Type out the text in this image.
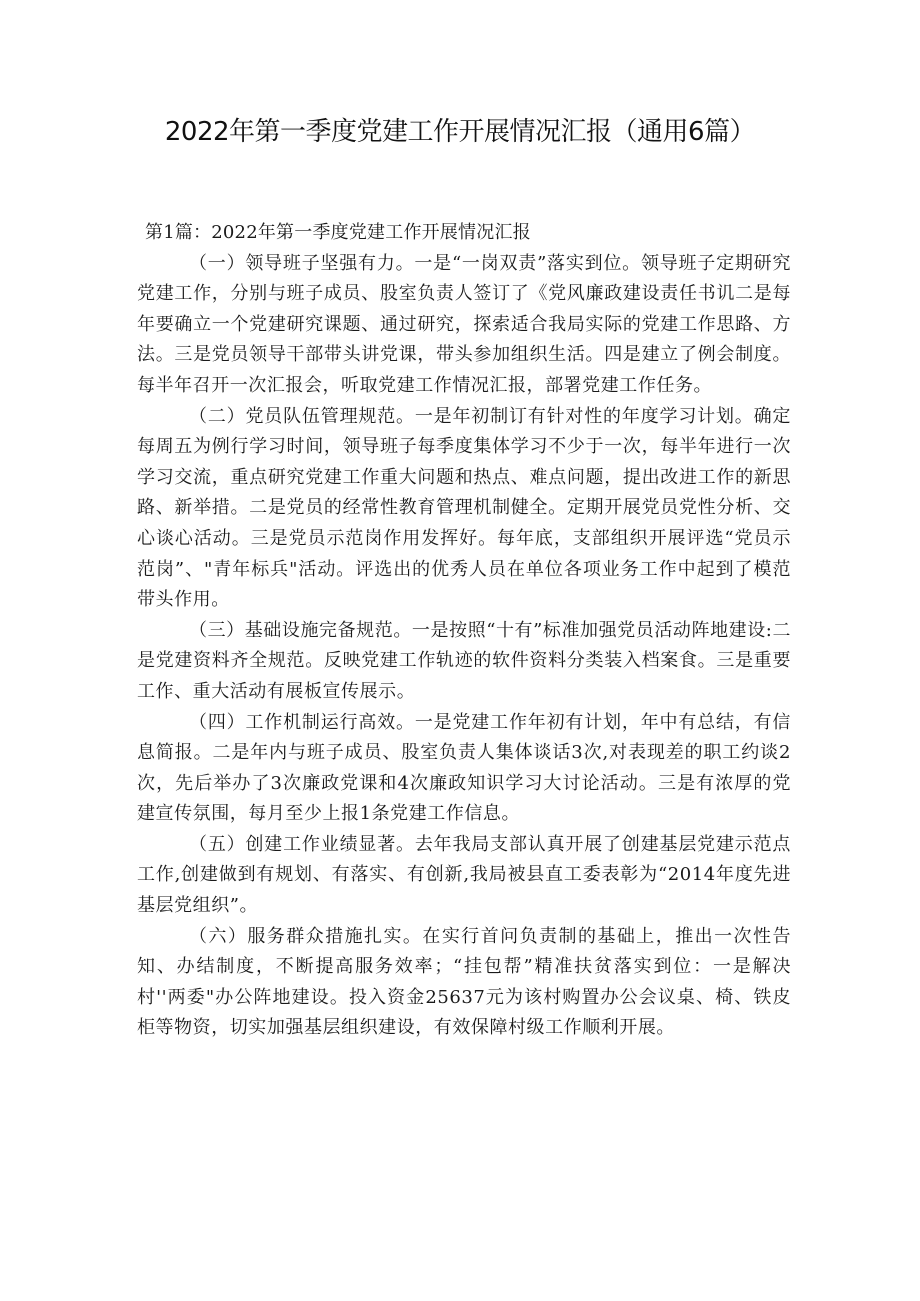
2022年第一季度党建工作开展情况汇报（通用6篇）

第1篇：2022年第一季度党建工作开展情况汇报

（一）领导班子坚强有力。一是“一岗双责”落实到位。领导班子定期研究党建工作，分别与班子成员、股室负责人签订了《党风廉政建设责任书讥二是每年要确立一个党建研究课题、通过研究，探索适合我局实际的党建工作思路、方法。三是党员领导干部带头讲党课，带头参加组织生活。四是建立了例会制度。每半年召开一次汇报会，听取党建工作情况汇报，部署党建工作任务。

（二）党员队伍管理规范。一是年初制订有针对性的年度学习计划。确定每周五为例行学习时间，领导班子每季度集体学习不少于一次，每半年进行一次学习交流，重点研究党建工作重大问题和热点、难点问题，提出改进工作的新思路、新举措。二是党员的经常性教育管理机制健全。定期开展党员党性分析、交心谈心活动。三是党员示范岗作用发挥好。每年底，支部组织开展评选“党员示范岗”、"青年标兵"活动。评选出的优秀人员在单位各项业务工作中起到了模范带头作用。

（三）基础设施完备规范。一是按照“十有”标准加强党员活动阵地建设:二是党建资料齐全规范。反映党建工作轨迹的软件资料分类装入档案食。三是重要工作、重大活动有展板宣传展示。

（四）工作机制运行高效。一是党建工作年初有计划，年中有总结，有信息简报。二是年内与班子成员、股室负责人集体谈话3次,对表现差的职工约谈2次，先后举办了3次廉政党课和4次廉政知识学习大讨论活动。三是有浓厚的党建宣传氛围，每月至少上报1条党建工作信息。

（五）创建工作业绩显著。去年我局支部认真开展了创建基层党建示范点工作,创建做到有规划、有落实、有创新,我局被县直工委表彰为“2014年度先进基层党组织”。

（六）服务群众措施扎实。在实行首问负责制的基础上，推出一次性告知、办结制度，不断提高服务效率；“挂包帮”精准扶贫落实到位：一是解决村''两委"办公阵地建设。投入资金25637元为该村购置办公会议桌、椅、铁皮柜等物资，切实加强基层组织建设，有效保障村级工作顺利开展。
